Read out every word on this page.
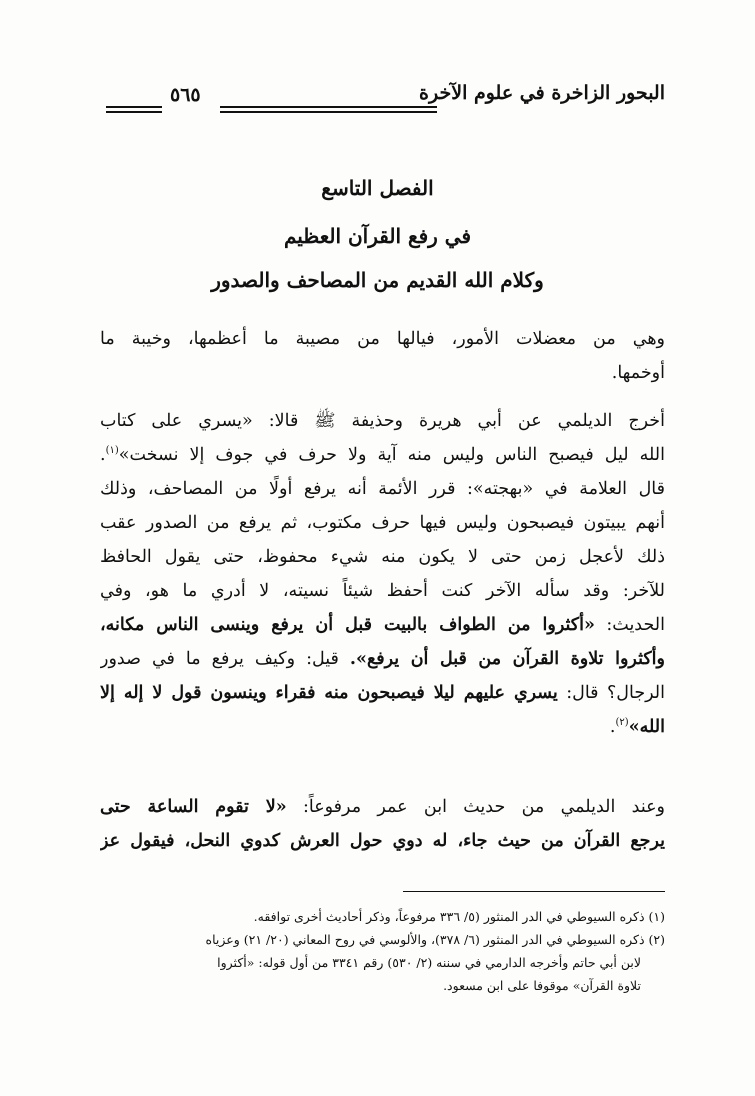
البحور الزاخرة في علوم الآخرة
٥٦٥
الفصل التاسع
في رفع القرآن العظيم
وكلام الله القديم من المصاحف والصدور
وهي من معضلات الأمور، فيالها من مصيبة ما أعظمها، وخيبة ما
أوخمها.
أخرج الديلمي عن أبي هريرة وحذيفة ﷺ قالا: «يسري على كتاب
الله ليل فيصبح الناس وليس منه آية ولا حرف في جوف إلا نسخت»$^{(١)}$.
قال العلامة في «بهجته»: قرر الأئمة أنه يرفع أولًا من المصاحف، وذلك
أنهم يبيتون فيصبحون وليس فيها حرف مكتوب، ثم يرفع من الصدور عقب
ذلك لأعجل زمن حتى لا يكون منه شيء محفوظ، حتى يقول الحافظ
للآخر: وقد سأله الآخر كنت أحفظ شيئاً نسيته، لا أدري ما هو، وفي
الحديث: «أكثروا من الطواف بالبيت قبل أن يرفع وينسى الناس مكانه،
وأكثروا تلاوة القرآن من قبل أن يرفع». قيل: وكيف يرفع ما في صدور
الرجال؟ قال: يسري عليهم ليلا فيصبحون منه فقراء وينسون قول لا إله إلا
الله»$^{(٢)}$.
وعند الديلمي من حديث ابن عمر مرفوعاً: «لا تقوم الساعة حتى
يرجع القرآن من حيث جاء، له دوي حول العرش كدوي النحل، فيقول عز
(١) ذكره السيوطي في الدر المنثور (٥/ ٣٣٦ مرفوعاً، وذكر أحاديث أخرى توافقه.
(٢) ذكره السيوطي في الدر المنثور (٦/ ٣٧٨)، والألوسي في روح المعاني (٢٠/ ٢١) وعزياه
لابن أبي حاتم وأخرجه الدارمي في سننه (٢/ ٥٣٠) رقم ٣٣٤١ من أول قوله: «أكثروا
تلاوة القرآن» موقوفا على ابن مسعود.
